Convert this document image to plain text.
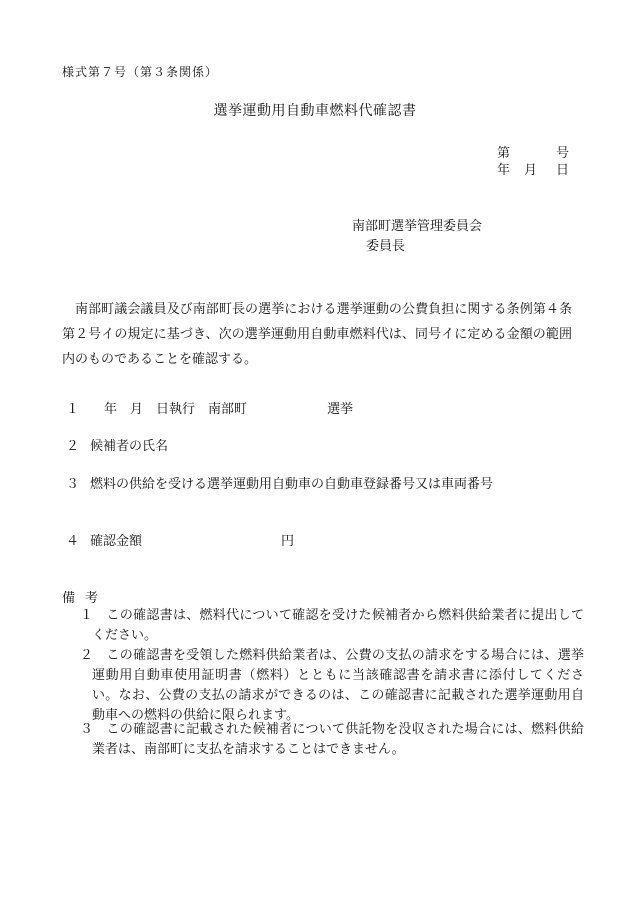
様式第７号（第３条関係）
選挙運動用自動車燃料代確認書
第	号
年 月 日
南部町選挙管理委員会
委員長
南部町議会議員及び南部町長の選挙における選挙運動の公費負担に関する条例第４条第２号イの規定に基づき、次の選挙運動用自動車燃料代は、同号イに定める金額の範囲内のものであることを確認する。
１ 年 月 日執行 南部町	選挙
２ 候補者の氏名
３ 燃料の供給を受ける選挙運動用自動車の自動車登録番号又は車両番号
４ 確認金額	円
備考
１　この確認書は、燃料代について確認を受けた候補者から燃料供給業者に提出してください。
２　この確認書を受領した燃料供給業者は、公費の支払の請求をする場合には、選挙運動用自動車使用証明書（燃料）とともに当該確認書を請求書に添付してください。なお、公費の支払の請求ができるのは、この確認書に記載された選挙運動用自動車への燃料の供給に限られます。
３　この確認書に記載された候補者について供託物を没収された場合には、燃料供給業者は、南部町に支払を請求することはできません。
